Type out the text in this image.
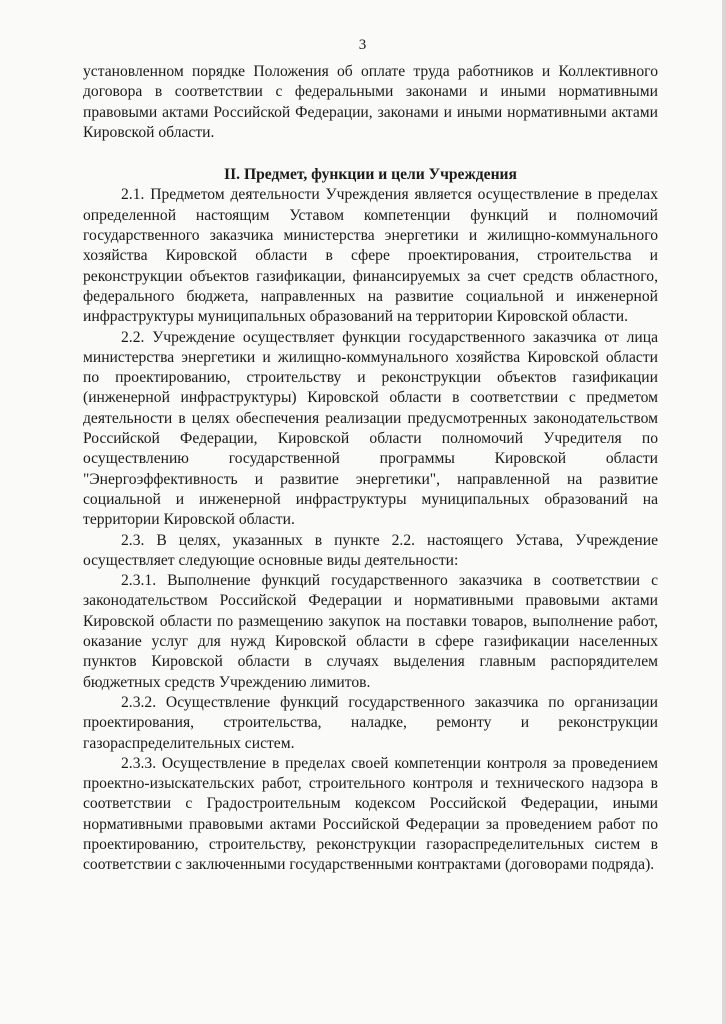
3

установленном порядке Положения об оплате труда работников и Коллективного договора в соответствии с федеральными законами и иными нормативными правовыми актами Российской Федерации, законами и иными нормативными актами Кировской области.

II. Предмет, функции и цели Учреждения

2.1. Предметом деятельности Учреждения является осуществление в пределах определенной настоящим Уставом компетенции функций и полномочий государственного заказчика министерства энергетики и жилищно-коммунального хозяйства Кировской области в сфере проектирования, строительства и реконструкции объектов газификации, финансируемых за счет средств областного, федерального бюджета, направленных на развитие социальной и инженерной инфраструктуры муниципальных образований на территории Кировской области.

2.2. Учреждение осуществляет функции государственного заказчика от лица министерства энергетики и жилищно-коммунального хозяйства Кировской области по проектированию, строительству и реконструкции объектов газификации (инженерной инфраструктуры) Кировской области в соответствии с предметом деятельности в целях обеспечения реализации предусмотренных законодательством Российской Федерации, Кировской области полномочий Учредителя по осуществлению государственной программы Кировской области "Энергоэффективность и развитие энергетики", направленной на развитие социальной и инженерной инфраструктуры муниципальных образований на территории Кировской области.

2.3. В целях, указанных в пункте 2.2. настоящего Устава, Учреждение осуществляет следующие основные виды деятельности:

2.3.1. Выполнение функций государственного заказчика в соответствии с законодательством Российской Федерации и нормативными правовыми актами Кировской области по размещению закупок на поставки товаров, выполнение работ, оказание услуг для нужд Кировской области в сфере газификации населенных пунктов Кировской области в случаях выделения главным распорядителем бюджетных средств Учреждению лимитов.

2.3.2. Осуществление функций государственного заказчика по организации проектирования, строительства, наладке, ремонту и реконструкции газораспределительных систем.

2.3.3. Осуществление в пределах своей компетенции контроля за проведением проектно-изыскательских работ, строительного контроля и технического надзора в соответствии с Градостроительным кодексом Российской Федерации, иными нормативными правовыми актами Российской Федерации за проведением работ по проектированию, строительству, реконструкции газораспределительных систем в соответствии с заключенными государственными контрактами (договорами подряда).
